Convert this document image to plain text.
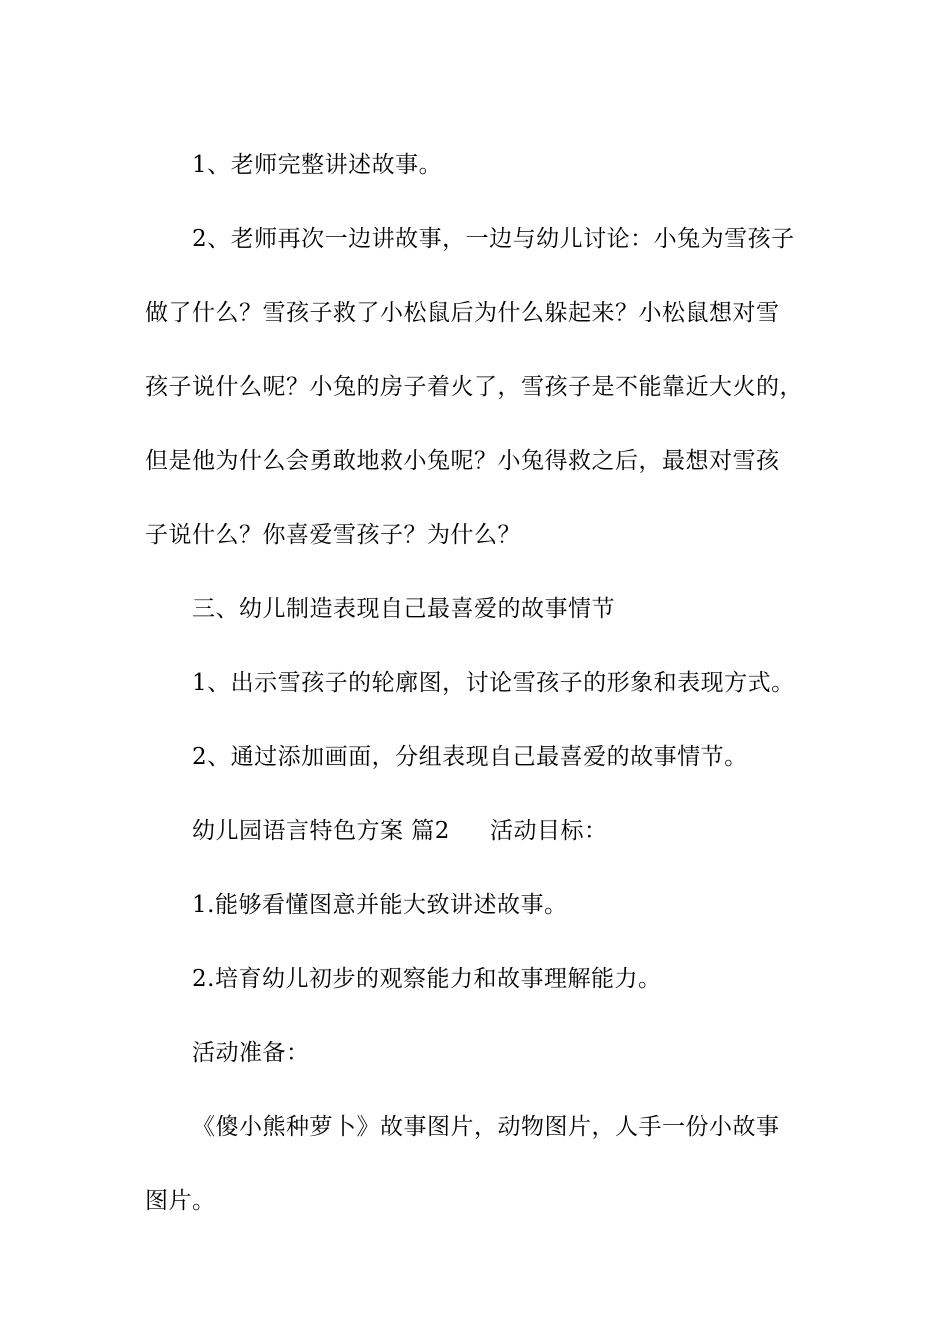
1、老师完整讲述故事。
2、老师再次一边讲故事，一边与幼儿讨论：小兔为雪孩子
做了什么？雪孩子救了小松鼠后为什么躲起来？小松鼠想对雪
孩子说什么呢？小兔的房子着火了，雪孩子是不能靠近大火的，
但是他为什么会勇敢地救小兔呢？小兔得救之后，最想对雪孩
子说什么？你喜爱雪孩子？为什么？
三、幼儿制造表现自己最喜爱的故事情节
1、出示雪孩子的轮廓图，讨论雪孩子的形象和表现方式。
2、通过添加画面，分组表现自己最喜爱的故事情节。
幼儿园语言特色方案 篇2 活动目标：
1.能够看懂图意并能大致讲述故事。
2.培育幼儿初步的观察能力和故事理解能力。
活动准备：
《傻小熊种萝卜》故事图片，动物图片，人手一份小故事
图片。
